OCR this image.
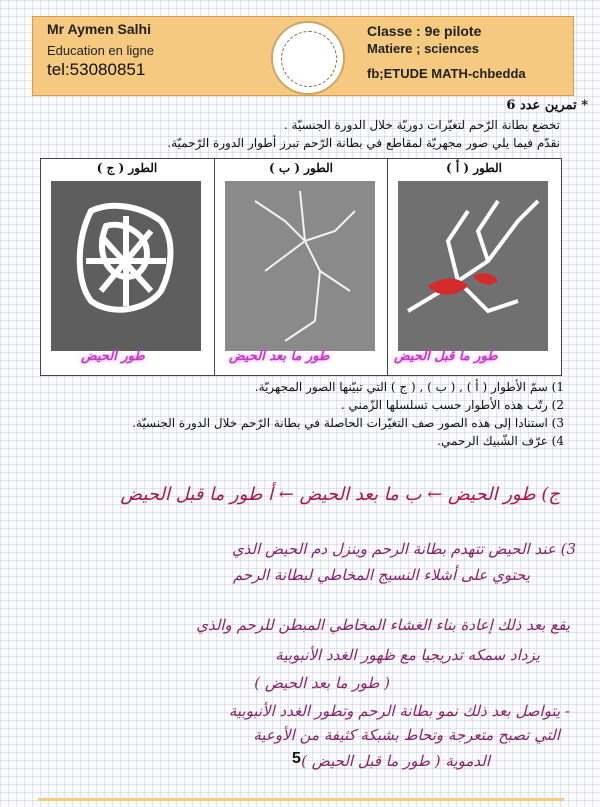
Mr Aymen Salhi
Education en ligne
tel:53080851
Classe : 9e pilote
Matiere ; sciences
fb;ETUDE MATH-chbedda
* تمرين عدد 6
تخضع بطانة الرّحم لتغيّرات دوريّة خلال الدورة الجنسيّة .
نقدّم فيما يلي صور مجهريّة لمقاطع في بطانة الرّحم تبرز أطوار الدورة الرّحميّة.
الطور ( ج )
طور الحيض
الطور ( ب )
طور ما بعد الحيض
الطور ( أ )
طور ما قبل الحيض
1) سمّ الأطوار ( أ ) , ( ب ) , ( ج ) التي تبيّنها الصور المجهريّة.
2) رتّب هذه الأطوار حسب تسلسلها الزّمني .
3) استنادا إلى هذه الصور صف التغيّرات الحاصلة في بطانة الرّحم خلال الدورة الجنسيّة.
4) عرّف الشّبيك الرحمي.
ج) طور الحيض ← ب ما بعد الحيض ← أ طور ما قبل الحيض
3) عند الحيض تتهدم بطانة الرحم وينزل دم الحيض الذي
يحتوي على أشلاء النسيج المخاطي لبطانة الرحم
يقع بعد ذلك إعادة بناء الغشاء المخاطي المبطن للرحم والذي
يزداد سمكه تدريجيا مع ظهور الغدد الأنبوبية
( طور ما بعد الحيض )
- يتواصل بعد ذلك نمو بطانة الرحم وتطور الغدد الأنبوبية
التي تصبح متعرجة وتحاط بشبكة كثيفة من الأوعية
الدموية ( طور ما قبل الحيض )
5
